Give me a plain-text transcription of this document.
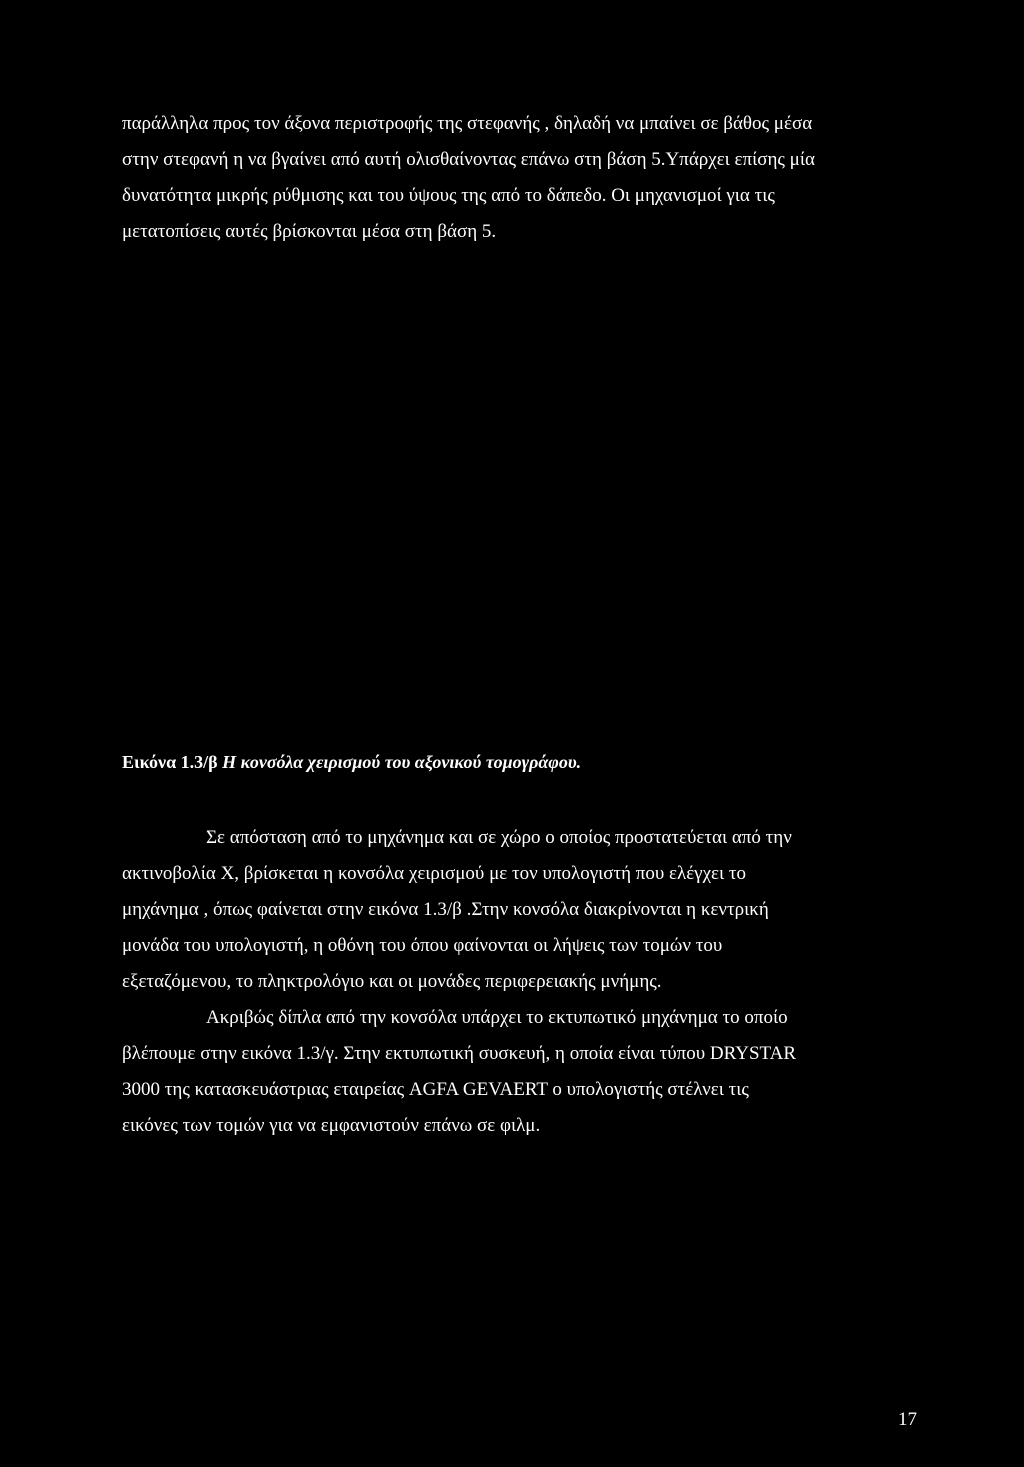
παράλληλα προς τον άξονα περιστροφής της στεφανής , δηλαδή να μπαίνει σε βάθος μέσα
στην στεφανή η να βγαίνει από αυτή ολισθαίνοντας επάνω στη βάση 5.Υπάρχει επίσης μία
δυνατότητα μικρής ρύθμισης και του ύψους της από το δάπεδο. Οι μηχανισμοί για τις
μετατοπίσεις αυτές βρίσκονται μέσα στη βάση 5.
Εικόνα 1.3/β Η κονσόλα χειρισμού του αξονικού τομογράφου.
Σε απόσταση από το μηχάνημα και σε χώρο ο οποίος προστατεύεται από την
ακτινοβολία Χ, βρίσκεται η κονσόλα χειρισμού με τον υπολογιστή που ελέγχει το
μηχάνημα , όπως φαίνεται στην εικόνα 1.3/β .Στην κονσόλα διακρίνονται η κεντρική
μονάδα του υπολογιστή, η οθόνη του όπου φαίνονται οι λήψεις των τομών του
εξεταζόμενου, το πληκτρολόγιο και οι μονάδες περιφερειακής μνήμης.
Ακριβώς δίπλα από την κονσόλα υπάρχει το εκτυπωτικό μηχάνημα το οποίο
βλέπουμε στην εικόνα 1.3/γ. Στην εκτυπωτική συσκευή, η οποία είναι τύπου DRYSTAR
3000 της κατασκευάστριας εταιρείας AGFA GEVAERT ο υπολογιστής στέλνει τις
εικόνες των τομών για να εμφανιστούν επάνω σε φιλμ.
17
